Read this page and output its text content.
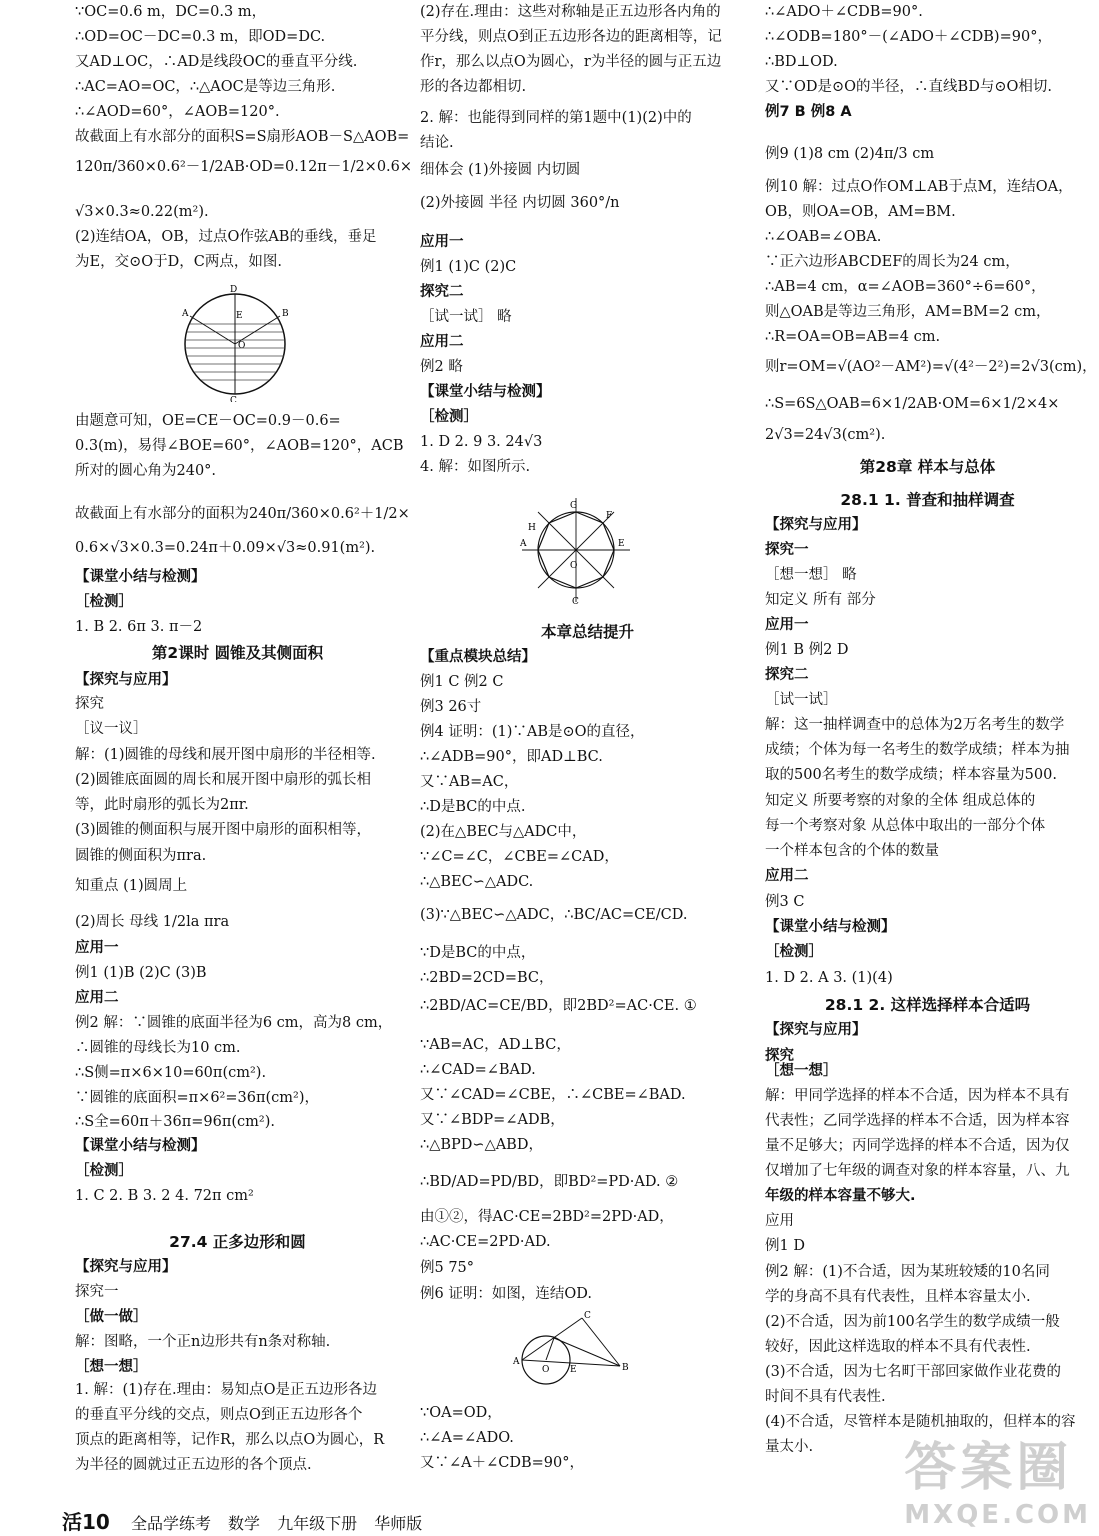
∵OC=0.6 m，DC=0.3 m，
∴OD=OC－DC=0.3 m，即OD=DC.
又AD⊥OC，∴AD是线段OC的垂直平分线.
∴AC=AO=OC，∴△AOC是等边三角形.
∴∠AOD=60°，∠AOB=120°.
故截面上有水部分的面积S=S扇形AOB－S△AOB=
120π/360×0.6²－1/2AB·OD=0.12π－1/2×0.6×
√3×0.3≈0.22(m²).
(2)连结OA，OB，过点O作弦AB的垂线，垂足
为E，交⊙O于D，C两点，如图.
由题意可知，OE=CE－OC=0.9－0.6=
0.3(m)，易得∠BOE=60°，∠AOB=120°，ACB
所对的圆心角为240°.
故截面上有水部分的面积为240π/360×0.6²＋1/2×
0.6×√3×0.3=0.24π＋0.09×√3≈0.91(m²).
【课堂小结与检测】
［检测］
1. B 2. 6π 3. π－2
第2课时 圆锥及其侧面积
【探究与应用】
探究
［议一议］
解：(1)圆锥的母线和展开图中扇形的半径相等.
(2)圆锥底面圆的周长和展开图中扇形的弧长相
等，此时扇形的弧长为2πr.
(3)圆锥的侧面积与展开图中扇形的面积相等，
圆锥的侧面积为πra.
知重点 (1)圆周上
(2)周长 母线 1/2la πra
应用一
例1 (1)B (2)C (3)B
应用二
例2 解：∵圆锥的底面半径为6 cm，高为8 cm，
∴圆锥的母线长为10 cm.
∴S侧=π×6×10=60π(cm²).
∵圆锥的底面积=π×6²=36π(cm²)，
∴S全=60π＋36π=96π(cm²).
【课堂小结与检测】
［检测］
1. C 2. B 3. 2 4. 72π cm²
27.4 正多边形和圆
【探究与应用】
探究一
［做一做］
解：图略，一个正n边形共有n条对称轴.
［想一想］
1. 解：(1)存在.理由：易知点O是正五边形各边
的垂直平分线的交点，则点O到正五边形各个
顶点的距离相等，记作R，那么以点O为圆心，R
为半径的圆就过正五边形的各个顶点.
(2)存在.理由：这些对称轴是正五边形各内角的
平分线，则点O到正五边形各边的距离相等，记
作r，那么以点O为圆心，r为半径的圆与正五边
形的各边都相切.
2. 解：也能得到同样的第1题中(1)(2)中的
结论.
细体会 (1)外接圆 内切圆
(2)外接圆 半径 内切圆 360°/n
应用一
例1 (1)C (2)C
探究二
［试一试］ 略
应用二
例2 略
【课堂小结与检测】
［检测］
1. D 2. 9 3. 24√3
4. 解：如图所示.
本章总结提升
【重点模块总结】
例1 C 例2 C
例3 26寸
例4 证明：(1)∵AB是⊙O的直径，
∴∠ADB=90°，即AD⊥BC.
又∵AB=AC，
∴D是BC的中点.
(2)在△BEC与△ADC中，
∵∠C=∠C，∠CBE=∠CAD，
∴△BEC∽△ADC.
(3)∵△BEC∽△ADC，∴BC/AC=CE/CD.
∵D是BC的中点，
∴2BD=2CD=BC，
∴2BD/AC=CE/BD，即2BD²=AC·CE. ①
∵AB=AC，AD⊥BC，
∴∠CAD=∠BAD.
又∵∠CAD=∠CBE，∴∠CBE=∠BAD.
又∵∠BDP=∠ADB，
∴△BPD∽△ABD，
∴BD/AD=PD/BD，即BD²=PD·AD. ②
由①②，得AC·CE=2BD²=2PD·AD，
∴AC·CE=2PD·AD.
例5 75°
例6 证明：如图，连结OD.
∵OA=OD，
∴∠A=∠ADO.
又∵∠A＋∠CDB=90°，
∴∠ADO＋∠CDB=90°.
∴∠ODB=180°－(∠ADO＋∠CDB)=90°，
∴BD⊥OD.
又∵OD是⊙O的半径，∴直线BD与⊙O相切.
例7 B 例8 A
例9 (1)8 cm (2)4π/3 cm
例10 解：过点O作OM⊥AB于点M，连结OA，
OB，则OA=OB，AM=BM.
∴∠OAB=∠OBA.
∵正六边形ABCDEF的周长为24 cm，
∴AB=4 cm，α=∠AOB=360°÷6=60°，
则△OAB是等边三角形，AM=BM=2 cm，
∴R=OA=OB=AB=4 cm.
则r=OM=√(AO²－AM²)=√(4²－2²)=2√3(cm)，
∴S=6S△OAB=6×1/2AB·OM=6×1/2×4×
2√3=24√3(cm²).
第28章 样本与总体
28.1 1. 普查和抽样调查
【探究与应用】
探究一
［想一想］ 略
知定义 所有 部分
应用一
例1 B 例2 D
探究二
［试一试］
解：这一抽样调查中的总体为2万名考生的数学
成绩；个体为每一名考生的数学成绩；样本为抽
取的500名考生的数学成绩；样本容量为500.
知定义 所要考察的对象的全体 组成总体的
每一个考察对象 从总体中取出的一部分个体
一个样本包含的个体的数量
应用二
例3 C
【课堂小结与检测】
［检测］
1. D 2. A 3. (1)(4)
28.1 2. 这样选择样本合适吗
【探究与应用】
探究
［想一想］
解：甲同学选择的样本不合适，因为样本不具有
代表性；乙同学选择的样本不合适，因为样本容
量不足够大；丙同学选择的样本不合适，因为仅
仅增加了七年级的调查对象的样本容量，八、九
年级的样本容量不够大.
应用
例1 D
例2 解：(1)不合适，因为某班较矮的10名同
学的身高不具有代表性，且样本容量太小.
(2)不合适，因为前100名学生的数学成绩一般
较好，因此这样选取的样本不具有代表性.
(3)不合适，因为七名町干部回家做作业花费的
时间不具有代表性.
(4)不合适，尽管样本是随机抽取的，但样本的容
量太小.
D
A	B
E
O
C
H
A	E
F
G
C
O
A
O
C
B
E
活10 全品学练考 数学 九年级下册 华师版
答案圈
MXQE.COM
